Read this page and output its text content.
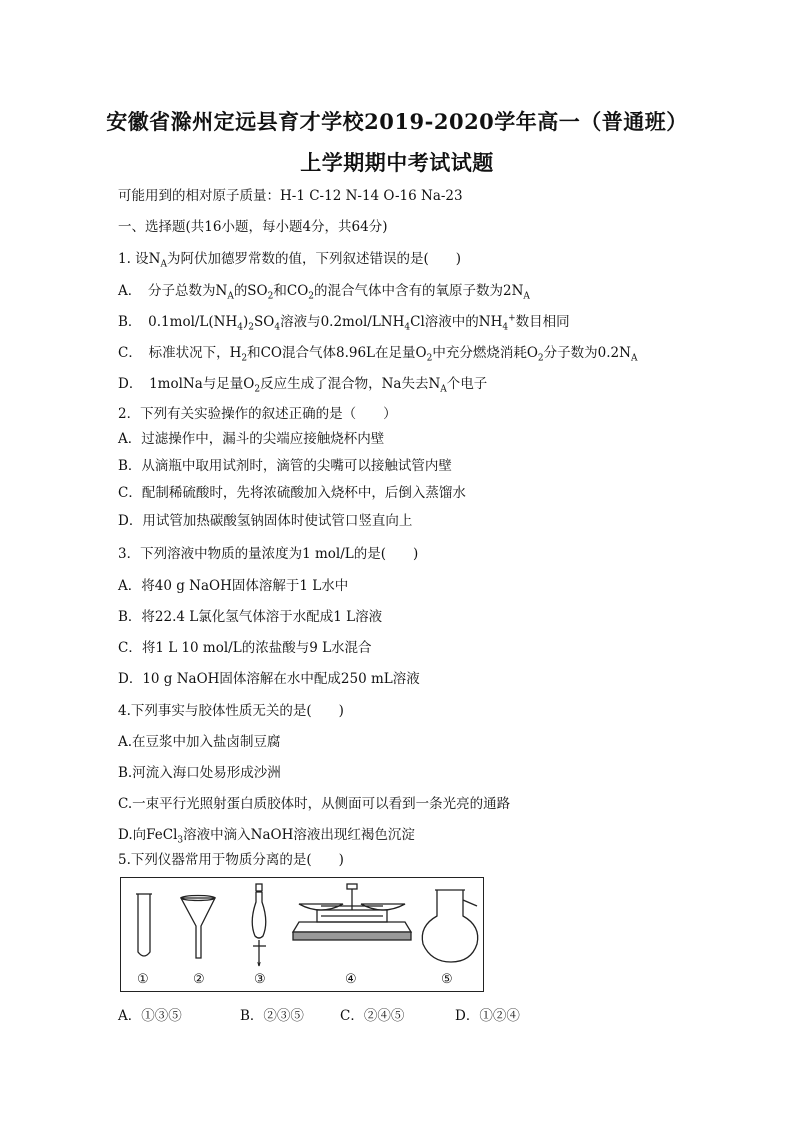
安徽省滁州定远县育才学校2019-2020学年高一（普通班）
上学期期中考试试题
可能用到的相对原子质量：H-1 C-12 N-14 O-16 Na-23
一、选择题(共16小题，每小题4分，共64分)
1. 设$N_A$为阿伏加德罗常数的值，下列叙述错误的是(　　)
A．　分子总数为$N_A$的$SO_2$和$CO_2$的混合气体中含有的氧原子数为$2N_A$
B．　$0.1mol/L(NH_4)_2SO_4$溶液与$0.2mol/LNH_4Cl$溶液中的$NH_4^+$数目相同
C．　标准状况下，$H_2$和CO混合气体8.96L在足量$O_2$中充分燃烧消耗$O_2$分子数为$0.2N_A$
D．　1molNa与足量$O_2$反应生成了混合物，Na失去$N_A$个电子
2．下列有关实验操作的叙述正确的是（　　）
A．过滤操作中，漏斗的尖端应接触烧杯内壁
B．从滴瓶中取用试剂时，滴管的尖嘴可以接触试管内壁
C．配制稀硫酸时，先将浓硫酸加入烧杯中，后倒入蒸馏水
D．用试管加热碳酸氢钠固体时使试管口竖直向上
3．下列溶液中物质的量浓度为1 mol/L的是(　　)
A．将40 g NaOH固体溶解于1 L水中
B．将22.4 L氯化氢气体溶于水配成1 L溶液
C．将1 L 10 mol/L的浓盐酸与9 L水混合
D．10 g NaOH固体溶解在水中配成250 mL溶液
4.下列事实与胶体性质无关的是(　　)
A.在豆浆中加入盐卤制豆腐
B.河流入海口处易形成沙洲
C.一束平行光照射蛋白质胶体时，从侧面可以看到一条光亮的通路
D.向FeCl$_3$溶液中滴入NaOH溶液出现红褐色沉淀
5.下列仪器常用于物质分离的是(　　)
①	②	③	④	⑤
A．①③⑤	B．②③⑤	C．②④⑤	D．①②④
